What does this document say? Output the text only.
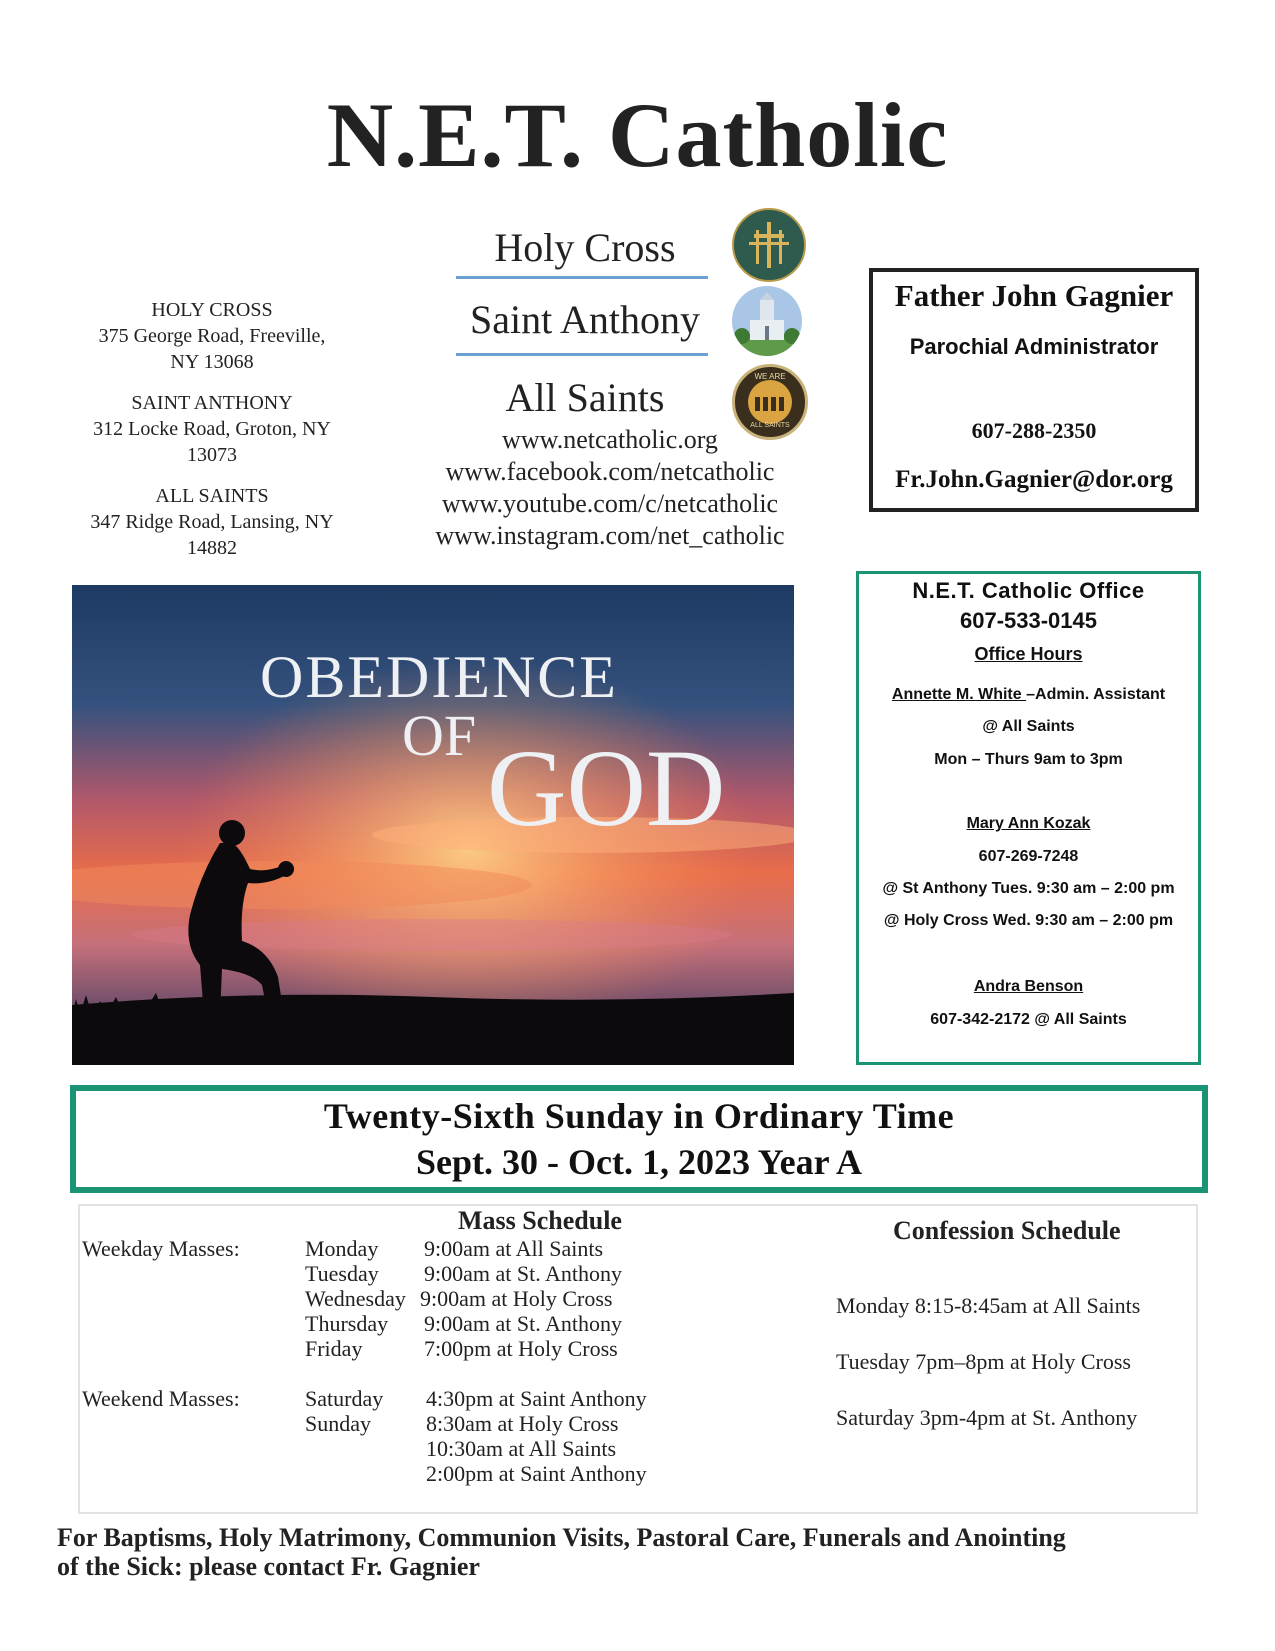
N.E.T. Catholic
HOLY CROSS
375 George Road, Freeville,
NY 13068
SAINT ANTHONY
312 Locke Road, Groton, NY
13073
ALL SAINTS
347 Ridge Road, Lansing, NY
14882
Holy Cross
Saint Anthony
All Saints	WE ARE
ALL SAINTS
www.netcatholic.org
www.facebook.com/netcatholic
www.youtube.com/c/netcatholic
www.instagram.com/net_catholic
Father John Gagnier
Parochial Administrator
607-288-2350
Fr.John.Gagnier@dor.org
OBEDIENCE
OF GOD
N.E.T. Catholic Office
607-533-0145
Office Hours
Annette M. White –Admin. Assistant
@ All Saints
Mon – Thurs 9am to 3pm
Mary Ann Kozak
607-269-7248
@ St Anthony Tues. 9:30 am – 2:00 pm
@ Holy Cross Wed. 9:30 am – 2:00 pm
Andra Benson
607-342-2172 @ All Saints
Twenty-Sixth Sunday in Ordinary Time
Sept. 30 - Oct. 1, 2023 Year A
Mass Schedule
Weekday Masses:	Monday 9:00am at All Saints
Tuesday 9:00am at St. Anthony
Wednesday 9:00am at Holy Cross
Thursday 9:00am at St. Anthony
Friday	7:00pm at Holy Cross
Weekend Masses:	Saturday 4:30pm at Saint Anthony
Sunday	8:30am at Holy Cross
10:30am at All Saints
2:00pm at Saint Anthony
Confession Schedule
Monday 8:15-8:45am at All Saints
Tuesday 7pm–8pm at Holy Cross
Saturday 3pm-4pm at St. Anthony
For Baptisms, Holy Matrimony, Communion Visits, Pastoral Care, Funerals and Anointing
of the Sick: please contact Fr. Gagnier
